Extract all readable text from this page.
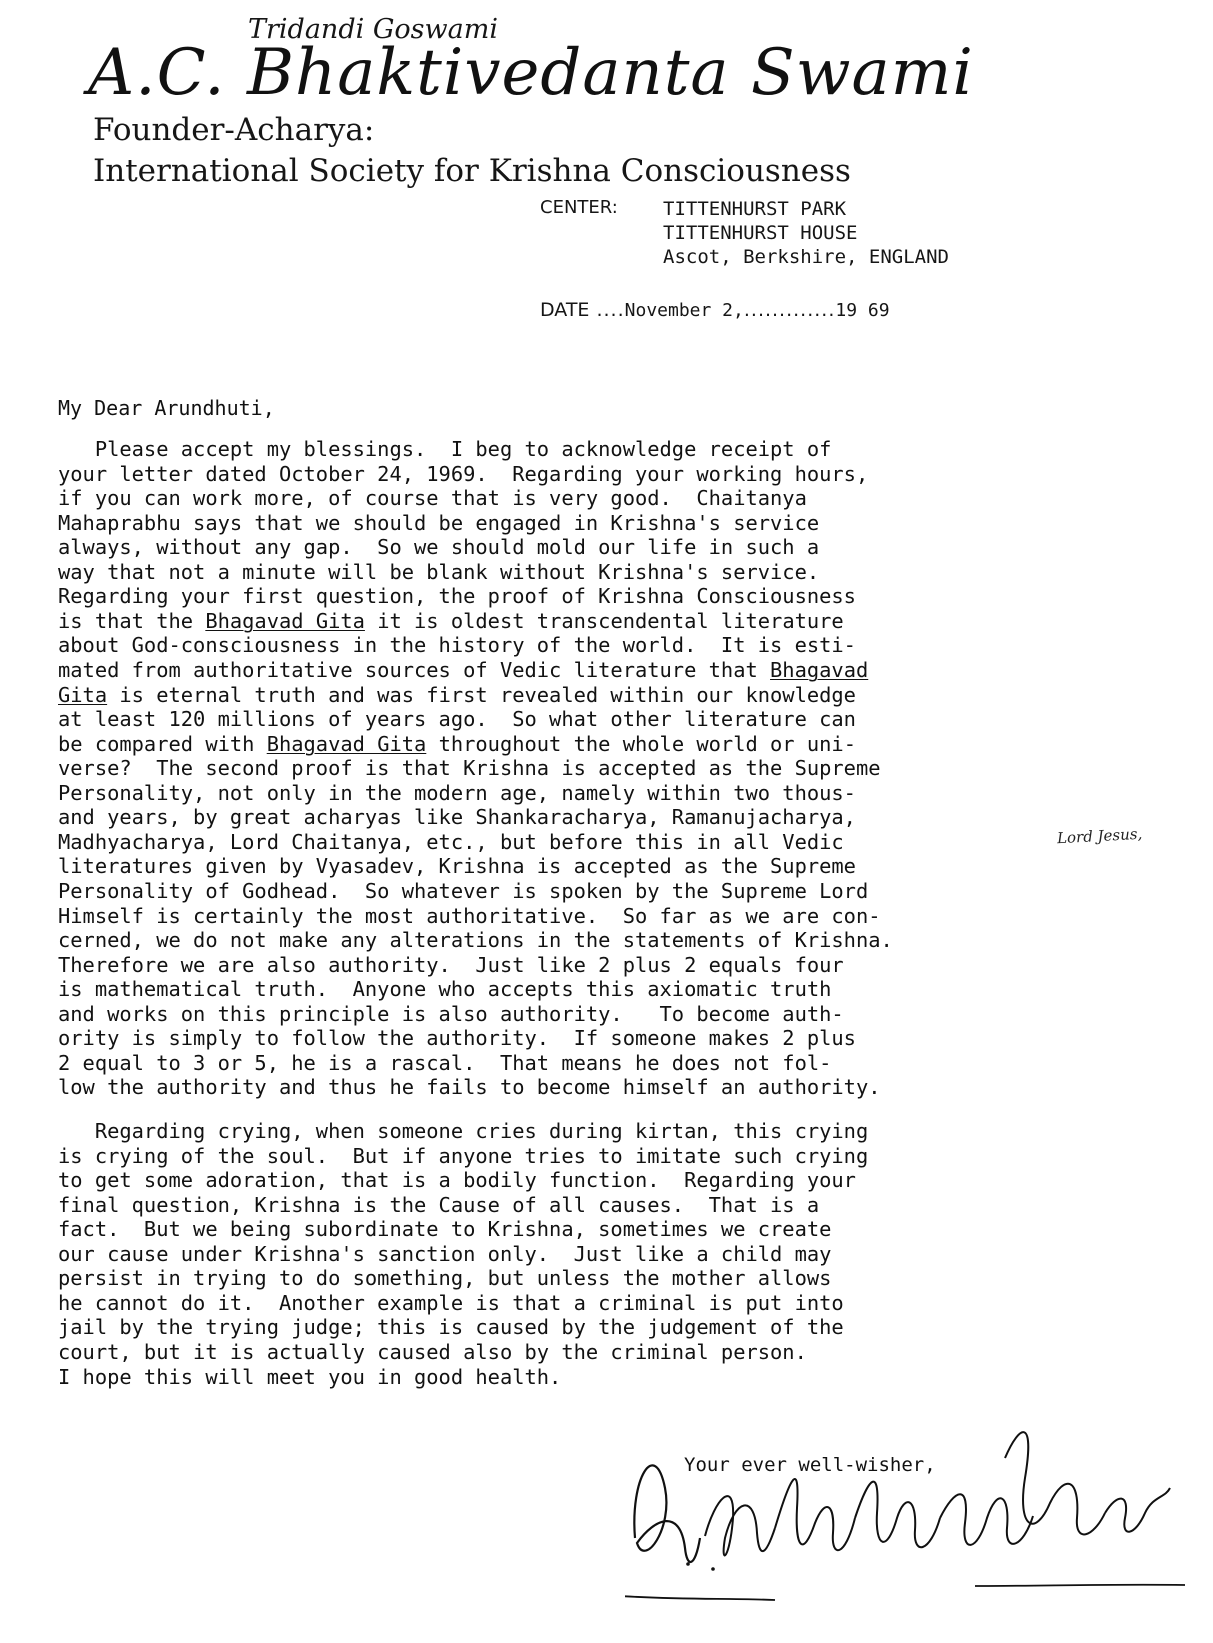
Tridandi Goswami
A.C. Bhaktivedanta Swami
Founder-Acharya:
International Society for Krishna Consciousness
CENTER: TITTENHURST PARK
TITTENHURST HOUSE
Ascot, Berkshire, ENGLAND
DATE ....November 2,.............19 69
My Dear Arundhuti,
Please accept my blessings.  I beg to acknowledge receipt of
your letter dated October 24, 1969.  Regarding your working hours,
if you can work more, of course that is very good.  Chaitanya
Mahaprabhu says that we should be engaged in Krishna's service
always, without any gap.  So we should mold our life in such a
way that not a minute will be blank without Krishna's service.
Regarding your first question, the proof of Krishna Consciousness
is that the Bhagavad Gita it is oldest transcendental literature
about God-consciousness in the history of the world.  It is esti-
mated from authoritative sources of Vedic literature that Bhagavad
Gita is eternal truth and was first revealed within our knowledge
at least 120 millions of years ago.  So what other literature can
be compared with Bhagavad Gita throughout the whole world or uni-
verse?  The second proof is that Krishna is accepted as the Supreme
Personality, not only in the modern age, namely within two thous-
and years, by great acharyas like Shankaracharya, Ramanujacharya,
Madhyacharya, Lord Chaitanya, etc., but before this in all Vedic
literatures given by Vyasadev, Krishna is accepted as the Supreme
Personality of Godhead.  So whatever is spoken by the Supreme Lord
Himself is certainly the most authoritative.  So far as we are con-
cerned, we do not make any alterations in the statements of Krishna.
Therefore we are also authority.  Just like 2 plus 2 equals four
is mathematical truth.  Anyone who accepts this axiomatic truth
and works on this principle is also authority.   To become auth-
ority is simply to follow the authority.  If someone makes 2 plus
2 equal to 3 or 5, he is a rascal.  That means he does not fol-
low the authority and thus he fails to become himself an authority.
Regarding crying, when someone cries during kirtan, this crying
is crying of the soul.  But if anyone tries to imitate such crying
to get some adoration, that is a bodily function.  Regarding your
final question, Krishna is the Cause of all causes.  That is a
fact.  But we being subordinate to Krishna, sometimes we create
our cause under Krishna's sanction only.  Just like a child may
persist in trying to do something, but unless the mother allows
he cannot do it.  Another example is that a criminal is put into
jail by the trying judge; this is caused by the judgement of the
court, but it is actually caused also by the criminal person.
I hope this will meet you in good health.
Lord Jesus,
Your ever well-wisher,
